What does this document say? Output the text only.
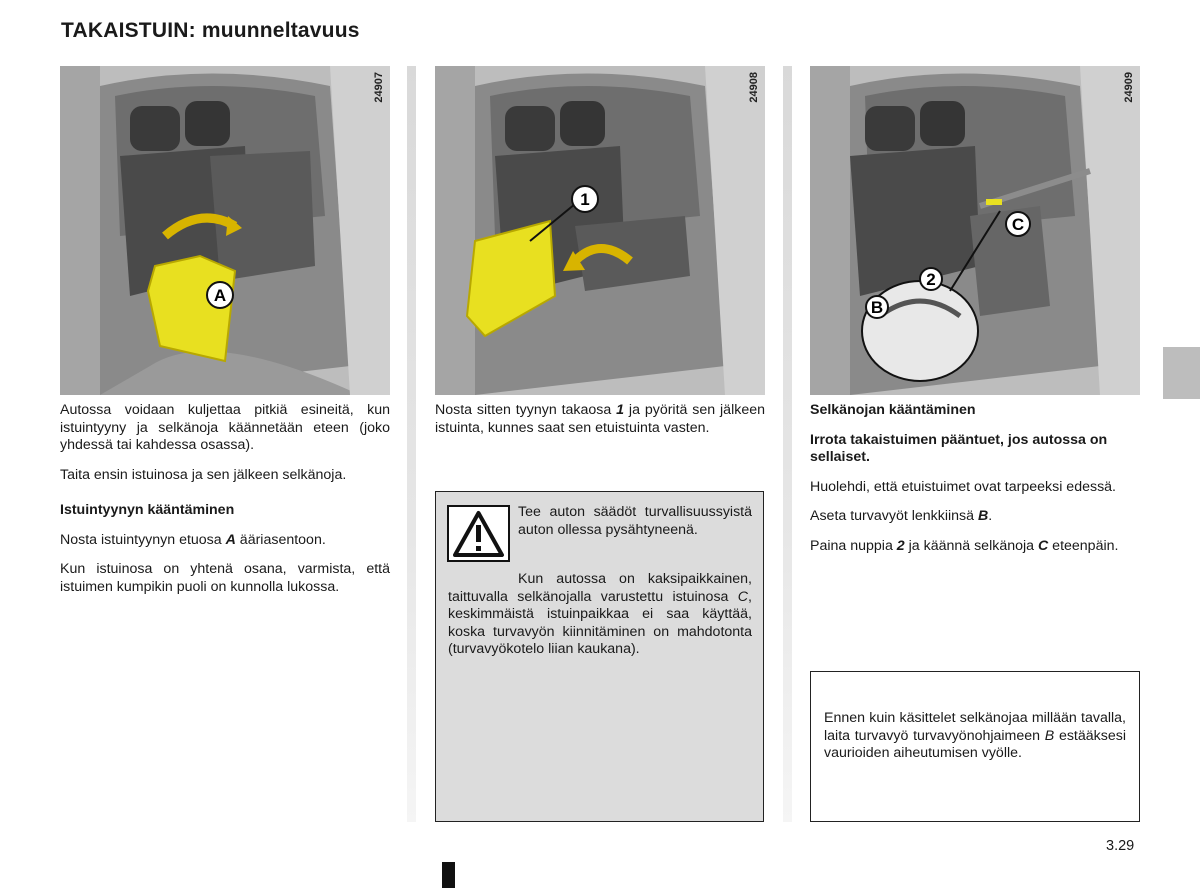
TAKAISTUIN: muunneltavuus
A
24907
1
24908
C
2
B
24909

Autossa voidaan kuljettaa pitkiä esineitä, kun istuintyyny ja selkänoja käännetään eteen (joko yhdessä tai kahdessa osassa).

Taita ensin istuinosa ja sen jälkeen selkänoja.

Istuintyynyn kääntäminen

Nosta istuintyynyn etuosa A ääriasentoon.

Kun istuinosa on yhtenä osana, varmista, että istuimen kumpikin puoli on kunnolla lukossa.

Nosta sitten tyynyn takaosa 1 ja pyöritä sen jälkeen istuinta, kunnes saat sen etuistuinta vasten.

Tee auton säädöt turvallisuussyistä auton ollessa pysähtyneenä.
Kun autossa on kaksipaikkainen, taittuvalla selkänojalla varustettu istuinosa C, keskimmäistä istuinpaikkaa ei saa käyttää, koska turvavyön kiinnitäminen on mahdotonta (turvavyökotelo liian kaukana).

Selkänojan kääntäminen

Irrota takaistuimen pääntuet, jos autossa on sellaiset.

Huolehdi, että etuistuimet ovat tarpeeksi edessä.

Aseta turvavyöt lenkkiinsä B.

Paina nuppia 2 ja käännä selkänoja C eteenpäin.

Ennen kuin käsittelet selkänojaa millään tavalla, laita turvavyö turvavyönohjaimeen B estääksesi vaurioiden aiheutumisen vyölle.
3.29
